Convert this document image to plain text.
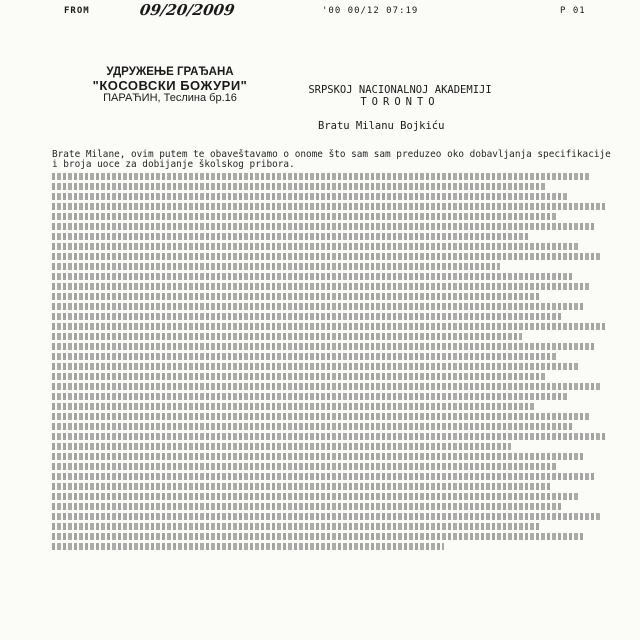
FROM	09/20/2009	'00 00/12 07:19	P 01
УДРУЖЕЊЕ ГРАЂАНА
"КОСОВСКИ БОЖУРИ"
ПАРАЋИН, Теслина бр.16
SRPSKOJ NACIONALNOJ AKADEMIJI
TORONTO
Bratu Milanu Bojkiću

Brate Milane, ovim putem te obaveštavamo o onome što sam sam preduzeo oko dobavljanja specifikacije i broja uoce za dobijanje školskog pribora.
